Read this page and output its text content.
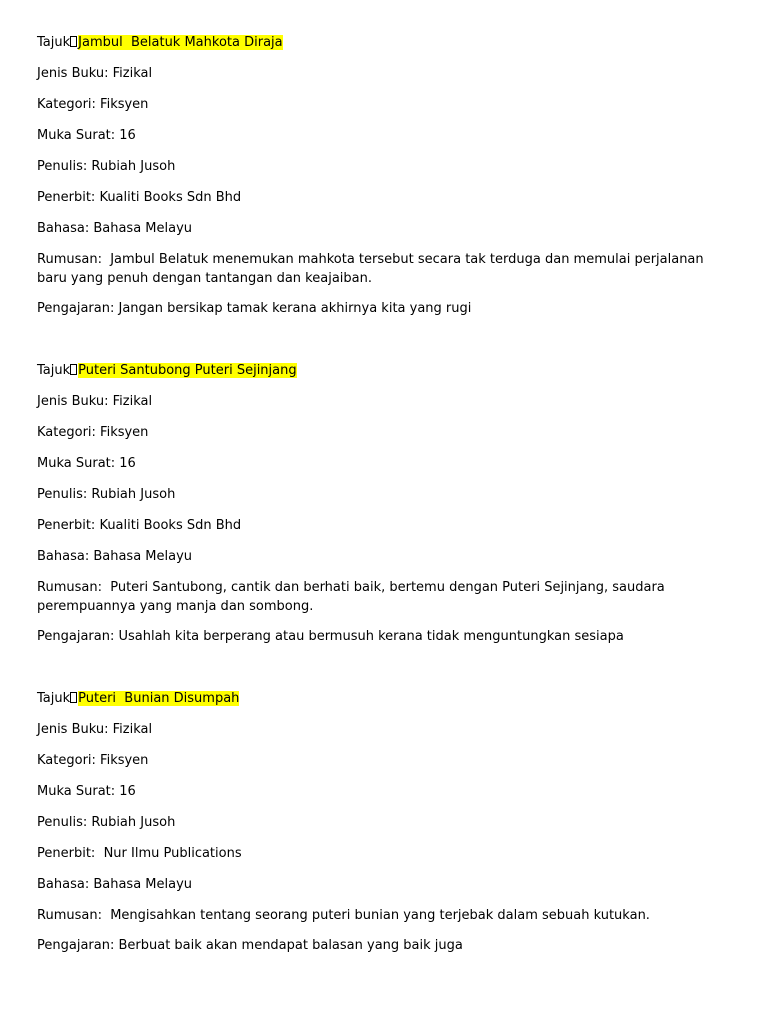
Tajuk Jambul  Belatuk Mahkota Diraja

Jenis Buku: Fizikal

Kategori: Fiksyen

Muka Surat: 16

Penulis: Rubiah Jusoh

Penerbit: Kualiti Books Sdn Bhd

Bahasa: Bahasa Melayu

Rumusan:  Jambul Belatuk menemukan mahkota tersebut secara tak terduga dan memulai perjalanan baru yang penuh dengan tantangan dan keajaiban.

Pengajaran: Jangan bersikap tamak kerana akhirnya kita yang rugi

Tajuk Puteri Santubong Puteri Sejinjang

Jenis Buku: Fizikal

Kategori: Fiksyen

Muka Surat: 16

Penulis: Rubiah Jusoh

Penerbit: Kualiti Books Sdn Bhd

Bahasa: Bahasa Melayu

Rumusan:  Puteri Santubong, cantik dan berhati baik, bertemu dengan Puteri Sejinjang, saudara perempuannya yang manja dan sombong.

Pengajaran: Usahlah kita berperang atau bermusuh kerana tidak menguntungkan sesiapa

Tajuk Puteri  Bunian Disumpah

Jenis Buku: Fizikal

Kategori: Fiksyen

Muka Surat: 16

Penulis: Rubiah Jusoh

Penerbit:  Nur Ilmu Publications

Bahasa: Bahasa Melayu

Rumusan:  Mengisahkan tentang seorang puteri bunian yang terjebak dalam sebuah kutukan.

Pengajaran: Berbuat baik akan mendapat balasan yang baik juga
